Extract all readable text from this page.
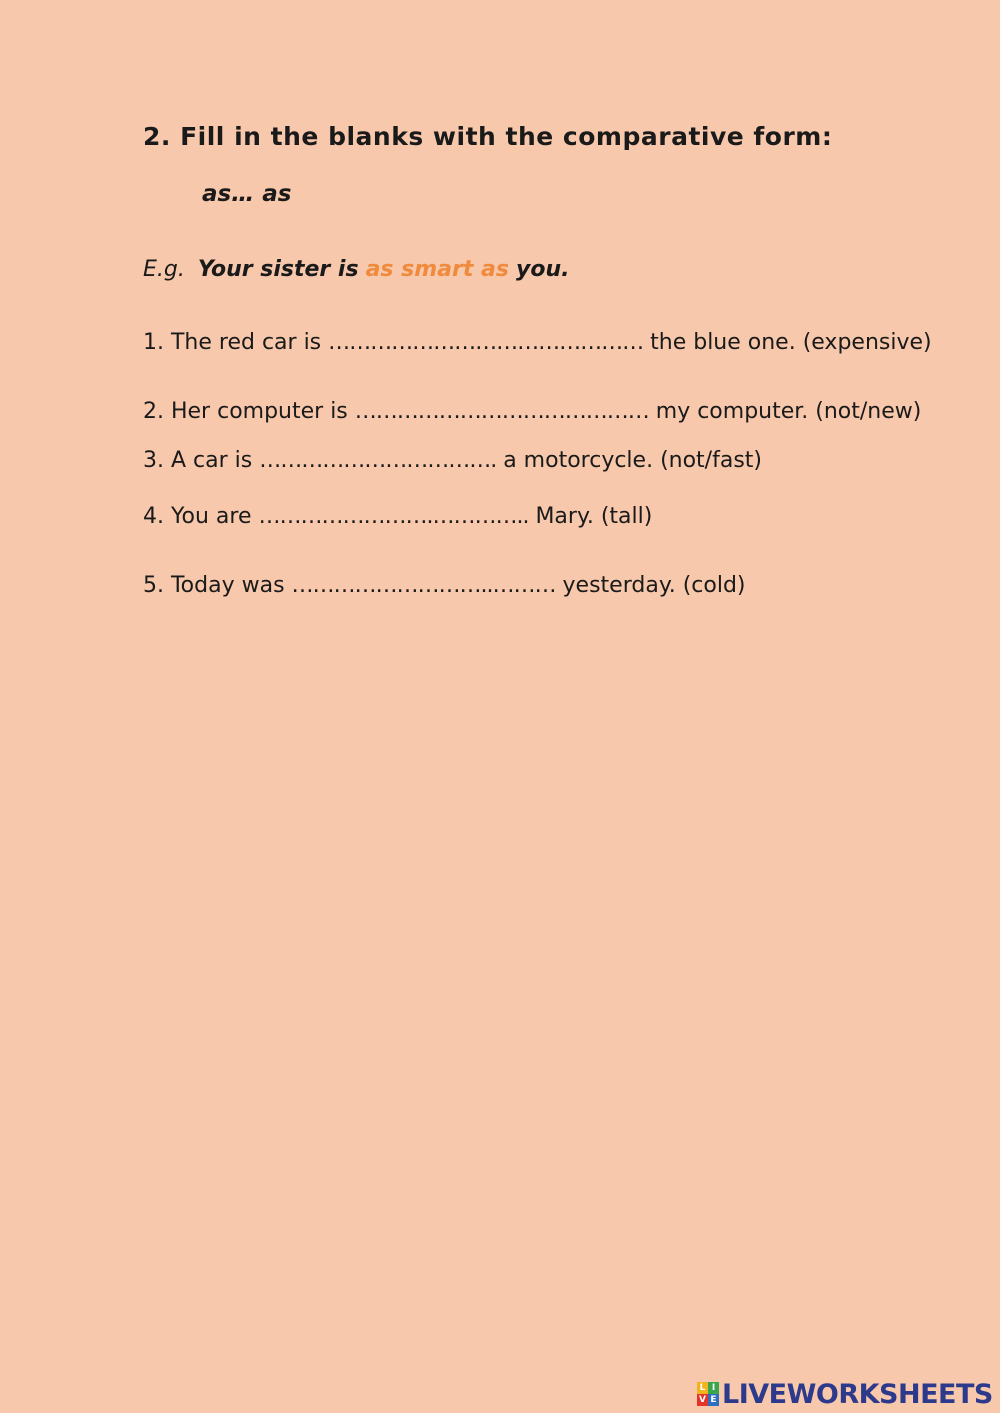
2. Fill in the blanks with the comparative form:
as… as
E.g. Your sister is as smart as you.
1. The red car is ……………………………………… the blue one. (expensive)
2. Her computer is …………………………………… my computer. (not/new)
3. A car is ……………………………. a motorcycle. (not/fast)
4. You are …………………….………….. Mary. (tall)
5. Today was ………………………..……… yesterday. (cold)
L I
V E LIVEWORKSHEETS
